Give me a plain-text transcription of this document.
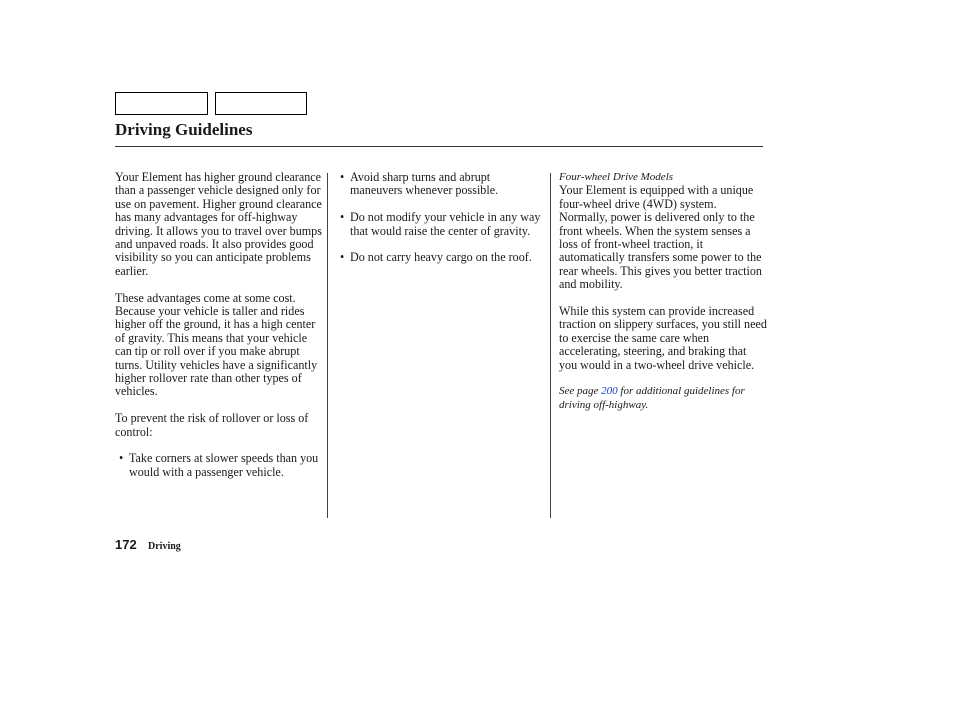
Driving Guidelines

Your Element has higher ground clearance than a passenger vehicle designed only for use on pavement. Higher ground clearance has many advantages for off-highway driving. It allows you to travel over bumps and unpaved roads. It also provides good visibility so you can anticipate problems earlier.

These advantages come at some cost. Because your vehicle is taller and rides higher off the ground, it has a high center of gravity. This means that your vehicle can tip or roll over if you make abrupt turns. Utility vehicles have a significantly higher rollover rate than other types of vehicles.

To prevent the risk of rollover or loss of control:

• Take corners at slower speeds than you would with a passenger vehicle.
• Avoid sharp turns and abrupt maneuvers whenever possible.
• Do not modify your vehicle in any way that would raise the center of gravity.
• Do not carry heavy cargo on the roof.
Four-wheel Drive Models

Your Element is equipped with a unique four-wheel drive (4WD) system. Normally, power is delivered only to the front wheels. When the system senses a loss of front-wheel traction, it automatically transfers some power to the rear wheels. This gives you better traction and mobility.

While this system can provide increased traction on slippery surfaces, you still need to exercise the same care when accelerating, steering, and braking that you would in a two-wheel drive vehicle.

See page 200 for additional guidelines for driving off-highway.

172 Driving
